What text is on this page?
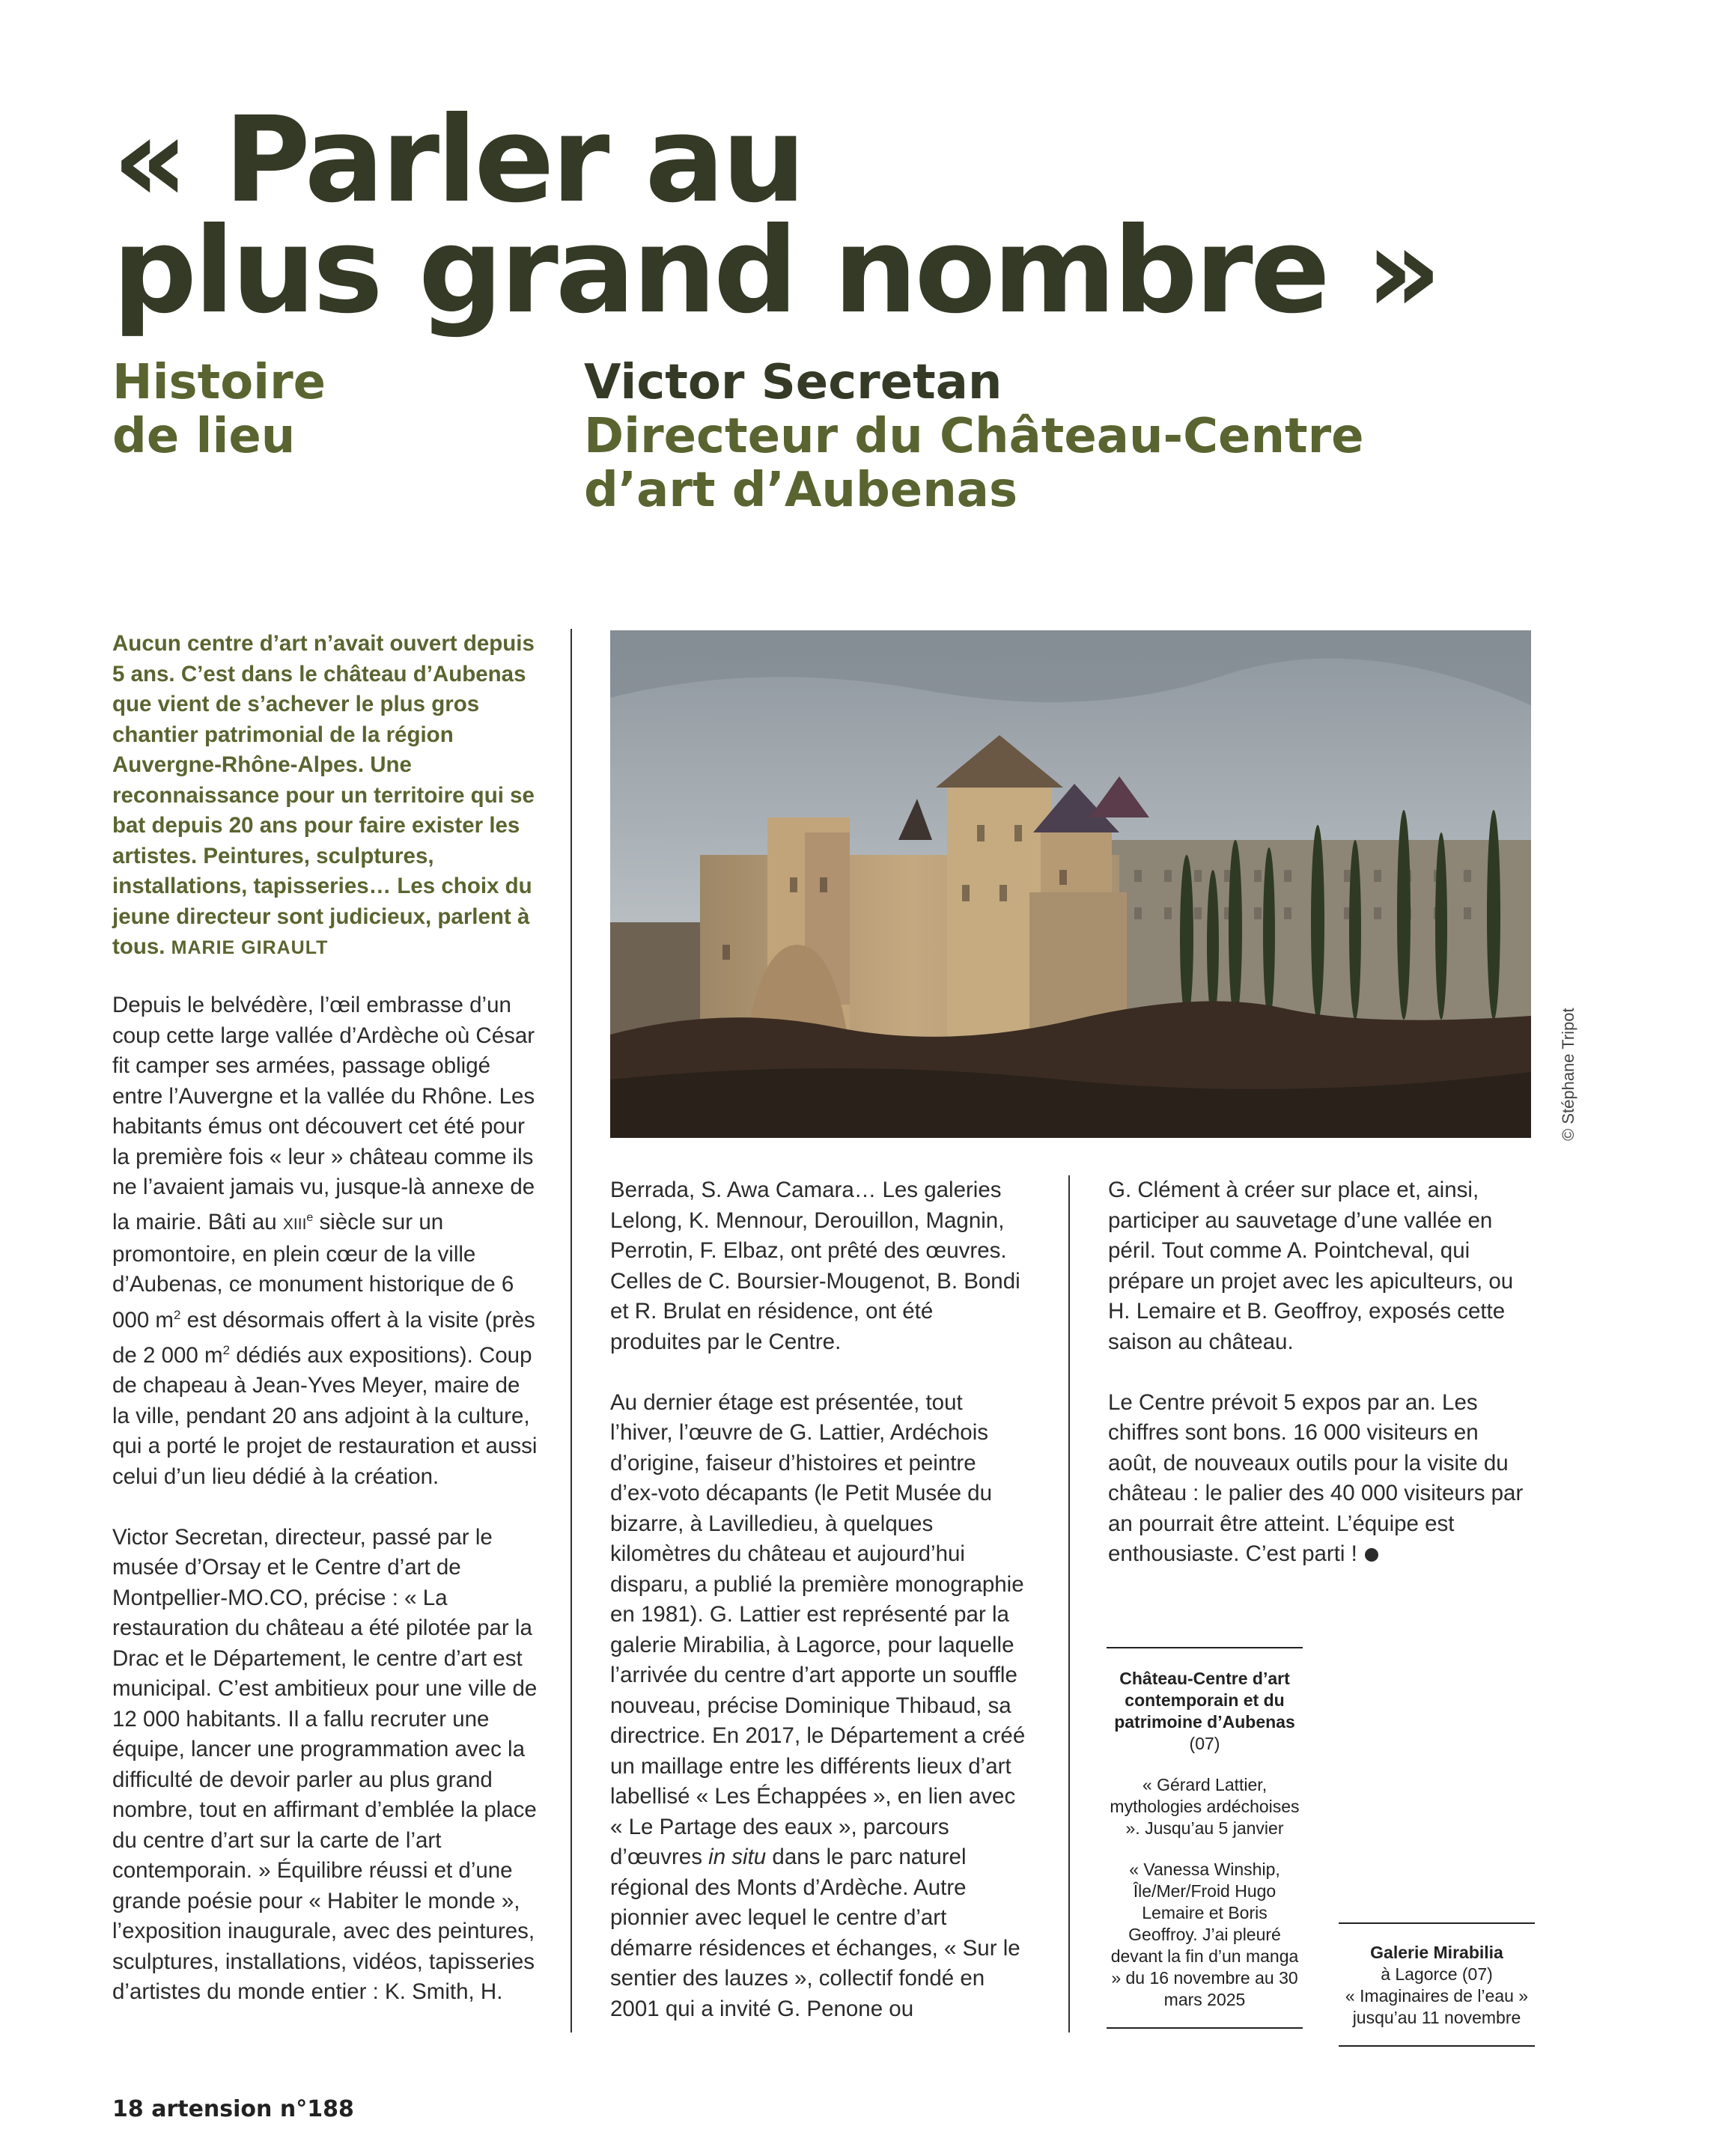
« Parler au
plus grand nombre »
Histoire
de lieu
Victor Secretan
Directeur du Château-Centre
d’art d’Aubenas

Aucun centre d’art n’avait ouvert depuis 5 ans. C’est dans le château d’Aubenas que vient de s’achever le plus gros chantier patrimonial de la région Auvergne-Rhône-Alpes. Une reconnaissance pour un territoire qui se bat depuis 20 ans pour faire exister les artistes. Peintures, sculptures, installations, tapisseries… Les choix du jeune directeur sont judicieux, parlent à tous. MARIE GIRAULT

Depuis le belvédère, l’œil embrasse d’un coup cette large vallée d’Ardèche où César fit camper ses armées, passage obligé entre l’Auvergne et la vallée du Rhône. Les habitants émus ont découvert cet été pour la première fois « leur » château comme ils ne l’avaient jamais vu, jusque-là annexe de la mairie. Bâti au XIIIe siècle sur un promontoire, en plein cœur de la ville d’Aubenas, ce monument historique de 6 000 $m^2$ est désormais offert à la visite (près de 2 000 $m^2$ dédiés aux expositions). Coup de chapeau à Jean-Yves Meyer, maire de la ville, pendant 20 ans adjoint à la culture, qui a porté le projet de restauration et aussi celui d’un lieu dédié à la création.

Victor Secretan, directeur, passé par le musée d’Orsay et le Centre d’art de Montpellier-MO.CO, précise : « La restauration du château a été pilotée par la Drac et le Département, le centre d’art est municipal. C’est ambitieux pour une ville de 12 000 habitants. Il a fallu recruter une équipe, lancer une programmation avec la difficulté de devoir parler au plus grand nombre, tout en affirmant d’emblée la place du centre d’art sur la carte de l’art contemporain. » Équilibre réussi et d’une grande poésie pour « Habiter le monde », l’exposition inaugurale, avec des peintures, sculptures, installations, vidéos, tapisseries d’artistes du monde entier : K. Smith, H.

© Stéphane Tripot

Berrada, S. Awa Camara… Les galeries Lelong, K. Mennour, Derouillon, Magnin, Perrotin, F. Elbaz, ont prêté des œuvres. Celles de C. Boursier-Mougenot, B. Bondi et R. Brulat en résidence, ont été produites par le Centre.

Au dernier étage est présentée, tout l’hiver, l’œuvre de G. Lattier, Ardéchois d’origine, faiseur d’histoires et peintre d’ex-voto décapants (le Petit Musée du bizarre, à Lavilledieu, à quelques kilomètres du château et aujourd’hui disparu, a publié la première monographie en 1981). G. Lattier est représenté par la galerie Mirabilia, à Lagorce, pour laquelle l’arrivée du centre d’art apporte un souffle nouveau, précise Dominique Thibaud, sa directrice. En 2017, le Département a créé un maillage entre les différents lieux d’art labellisé « Les Échappées », en lien avec « Le Partage des eaux », parcours d’œuvres in situ dans le parc naturel régional des Monts d’Ardèche. Autre pionnier avec lequel le centre d’art démarre résidences et échanges, « Sur le sentier des lauzes », collectif fondé en 2001 qui a invité G. Penone ou

G. Clément à créer sur place et, ainsi, participer au sauvetage d’une vallée en péril. Tout comme A. Pointcheval, qui prépare un projet avec les apiculteurs, ou H. Lemaire et B. Geoffroy, exposés cette saison au château.

Le Centre prévoit 5 expos par an. Les chiffres sont bons. 16 000 visiteurs en août, de nouveaux outils pour la visite du château : le palier des 40 000 visiteurs par an pourrait être atteint. L’équipe est enthousiaste. C’est parti !

Château-Centre d’art contemporain et du patrimoine d’Aubenas (07)
« Gérard Lattier, mythologies ardéchoises ». Jusqu’au 5 janvier
« Vanessa Winship, Île/Mer/Froid Hugo Lemaire et Boris Geoffroy. J’ai pleuré devant la fin d’un manga » du 16 novembre au 30 mars 2025
Galerie Mirabilia
à Lagorce (07)
« Imaginaires de l’eau » jusqu’au 11 novembre
18 artension n°188
